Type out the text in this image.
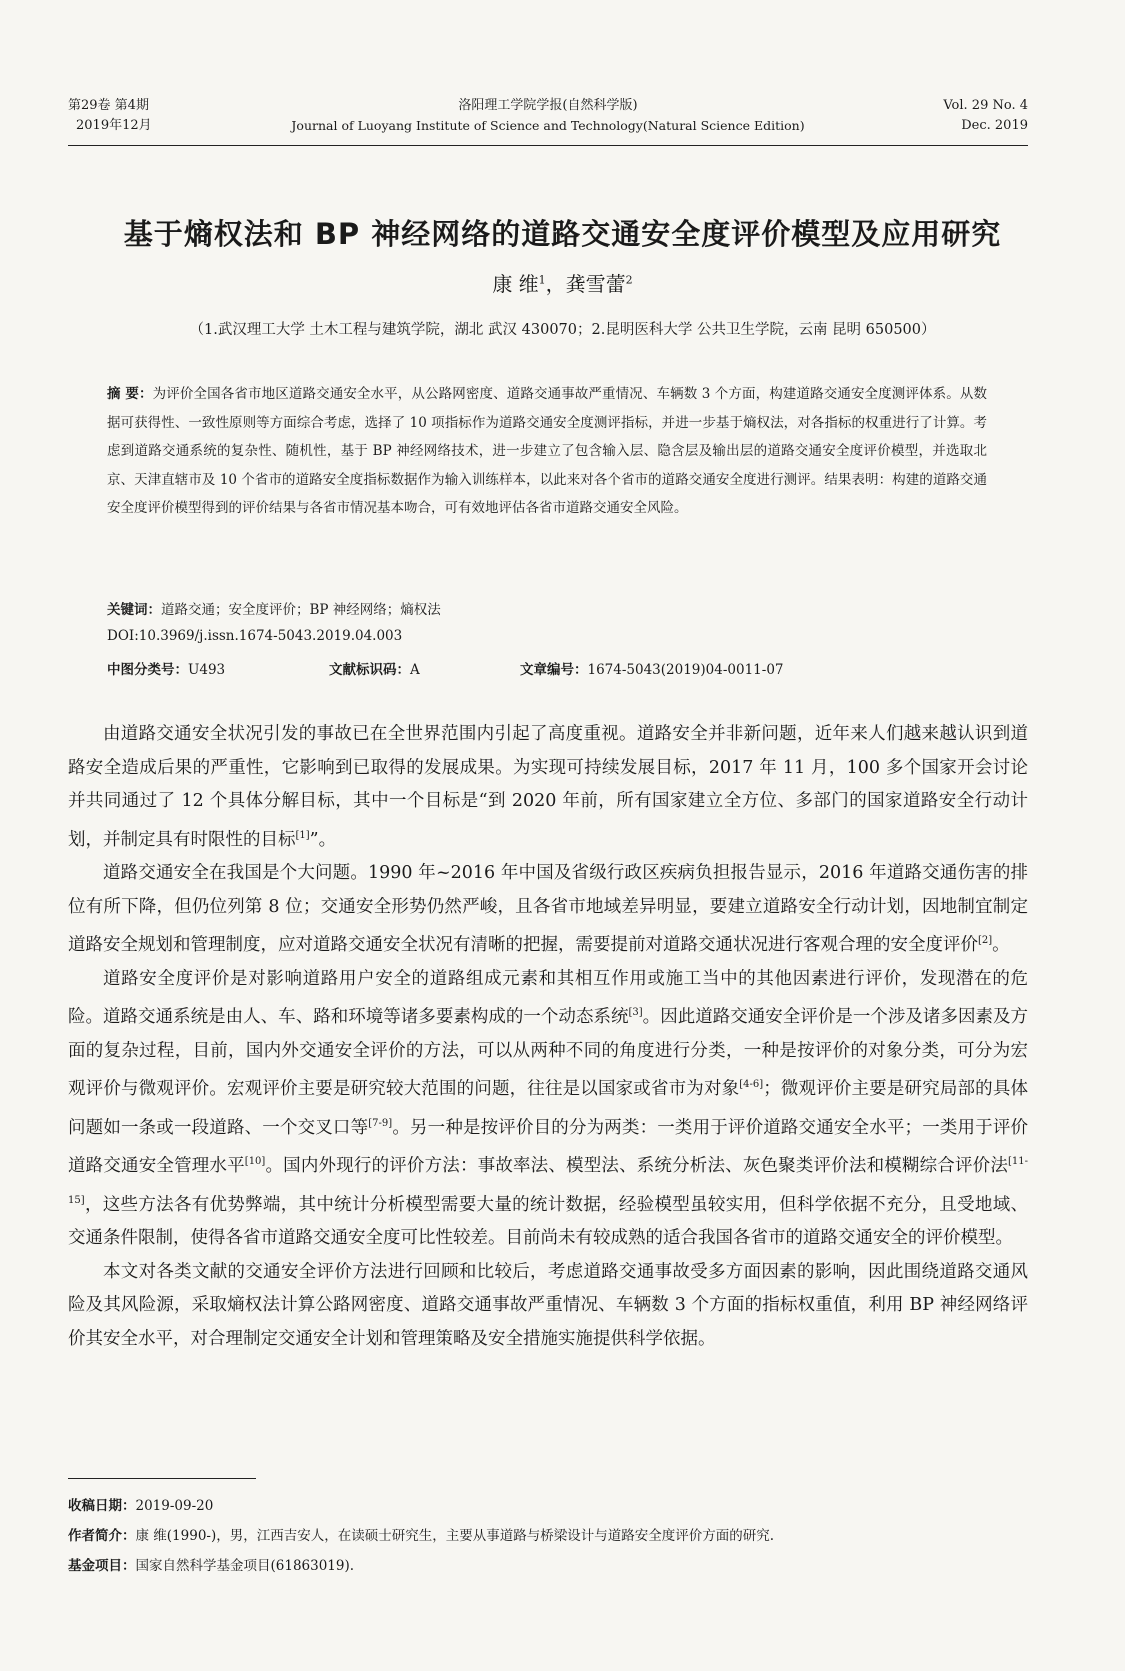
第29卷 第4期
2019年12月
洛阳理工学院学报(自然科学版)
Journal of Luoyang Institute of Science and Technology(Natural Science Edition)
Vol. 29 No. 4
Dec. 2019
基于熵权法和 BP 神经网络的道路交通安全度评价模型及应用研究
康 维$^1$，龚雪蕾$^2$
（1.武汉理工大学 土木工程与建筑学院，湖北 武汉 430070；2.昆明医科大学 公共卫生学院，云南 昆明 650500）
摘 要：为评价全国各省市地区道路交通安全水平，从公路网密度、道路交通事故严重情况、车辆数 3 个方面，构建道路交通安全度测评体系。从数据可获得性、一致性原则等方面综合考虑，选择了 10 项指标作为道路交通安全度测评指标，并进一步基于熵权法，对各指标的权重进行了计算。考虑到道路交通系统的复杂性、随机性，基于 BP 神经网络技术，进一步建立了包含输入层、隐含层及输出层的道路交通安全度评价模型，并选取北京、天津直辖市及 10 个省市的道路安全度指标数据作为输入训练样本，以此来对各个省市的道路交通安全度进行测评。结果表明：构建的道路交通安全度评价模型得到的评价结果与各省市情况基本吻合，可有效地评估各省市道路交通安全风险。
关键词：道路交通；安全度评价；BP 神经网络；熵权法
DOI:10.3969/j.issn.1674-5043.2019.04.003
中图分类号：U493	文献标识码：A	文章编号：1674-5043(2019)04-0011-07

由道路交通安全状况引发的事故已在全世界范围内引起了高度重视。道路安全并非新问题，近年来人们越来越认识到道路安全造成后果的严重性，它影响到已取得的发展成果。为实现可持续发展目标，2017 年 11 月，100 多个国家开会讨论并共同通过了 12 个具体分解目标，其中一个目标是“到 2020 年前，所有国家建立全方位、多部门的国家道路安全行动计划，并制定具有时限性的目标[1]”。

道路交通安全在我国是个大问题。1990 年~2016 年中国及省级行政区疾病负担报告显示，2016 年道路交通伤害的排位有所下降，但仍位列第 8 位；交通安全形势仍然严峻，且各省市地域差异明显，要建立道路安全行动计划，因地制宜制定道路安全规划和管理制度，应对道路交通安全状况有清晰的把握，需要提前对道路交通状况进行客观合理的安全度评价[2]。

道路安全度评价是对影响道路用户安全的道路组成元素和其相互作用或施工当中的其他因素进行评价，发现潜在的危险。道路交通系统是由人、车、路和环境等诸多要素构成的一个动态系统[3]。因此道路交通安全评价是一个涉及诸多因素及方面的复杂过程，目前，国内外交通安全评价的方法，可以从两种不同的角度进行分类，一种是按评价的对象分类，可分为宏观评价与微观评价。宏观评价主要是研究较大范围的问题，往往是以国家或省市为对象[4-6]；微观评价主要是研究局部的具体问题如一条或一段道路、一个交叉口等[7-9]。另一种是按评价目的分为两类：一类用于评价道路交通安全水平；一类用于评价道路交通安全管理水平[10]。国内外现行的评价方法：事故率法、模型法、系统分析法、灰色聚类评价法和模糊综合评价法[11-15]，这些方法各有优势弊端，其中统计分析模型需要大量的统计数据，经验模型虽较实用，但科学依据不充分，且受地域、交通条件限制，使得各省市道路交通安全度可比性较差。目前尚未有较成熟的适合我国各省市的道路交通安全的评价模型。

本文对各类文献的交通安全评价方法进行回顾和比较后，考虑道路交通事故受多方面因素的影响，因此围绕道路交通风险及其风险源，采取熵权法计算公路网密度、道路交通事故严重情况、车辆数 3 个方面的指标权重值，利用 BP 神经网络评价其安全水平，对合理制定交通安全计划和管理策略及安全措施实施提供科学依据。

收稿日期：2019-09-20
作者简介：康 维(1990-)，男，江西吉安人，在读硕士研究生，主要从事道路与桥梁设计与道路安全度评价方面的研究.
基金项目：国家自然科学基金项目(61863019).
